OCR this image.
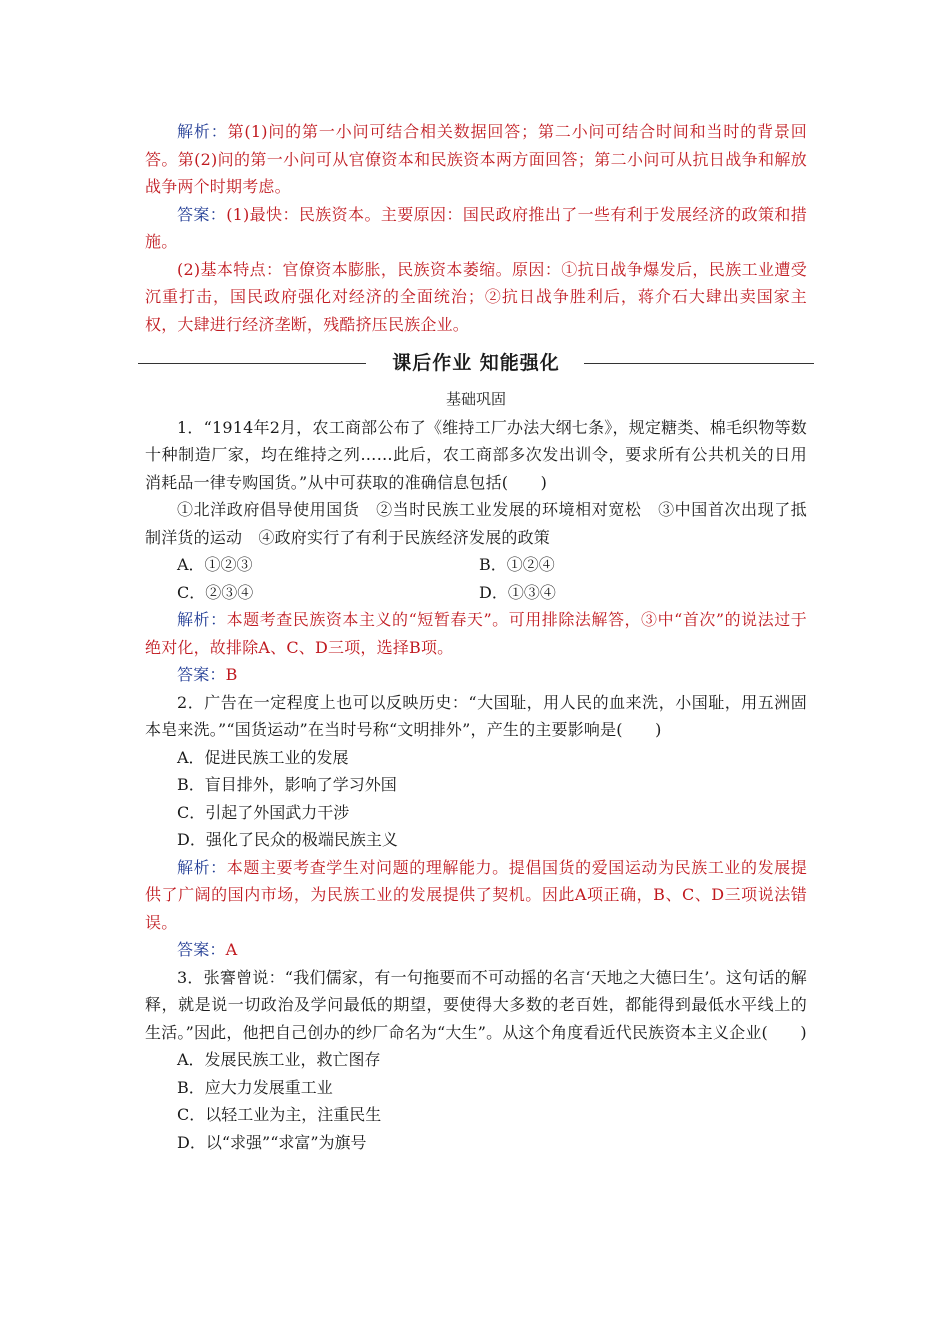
解析：第(1)问的第一小问可结合相关数据回答；第二小问可结合时间和当时的背景回答。第(2)问的第一小问可从官僚资本和民族资本两方面回答；第二小问可从抗日战争和解放战争两个时期考虑。

答案：(1)最快：民族资本。主要原因：国民政府推出了一些有利于发展经济的政策和措施。

(2)基本特点：官僚资本膨胀，民族资本萎缩。原因：①抗日战争爆发后，民族工业遭受沉重打击，国民政府强化对经济的全面统治；②抗日战争胜利后，蒋介石大肆出卖国家主权，大肆进行经济垄断，残酷挤压民族企业。

课后作业 知能强化

基础巩固

1．“1914年2月，农工商部公布了《维持工厂办法大纲七条》，规定糖类、棉毛织物等数十种制造厂家，均在维持之列……此后，农工商部多次发出训令，要求所有公共机关的日用消耗品一律专购国货。”从中可获取的准确信息包括(　　)

①北洋政府倡导使用国货　②当时民族工业发展的环境相对宽松　③中国首次出现了抵制洋货的运动　④政府实行了有利于民族经济发展的政策

A．①②③	B．①②④
C．②③④	D．①③④

解析：本题考查民族资本主义的“短暂春天”。可用排除法解答，③中“首次”的说法过于绝对化，故排除A、C、D三项，选择B项。

答案：B

2．广告在一定程度上也可以反映历史：“大国耻，用人民的血来洗，小国耻，用五洲固本皂来洗。”“国货运动”在当时号称“文明排外”，产生的主要影响是(　　)

A．促进民族工业的发展

B．盲目排外，影响了学习外国

C．引起了外国武力干涉

D．强化了民众的极端民族主义

解析：本题主要考查学生对问题的理解能力。提倡国货的爱国运动为民族工业的发展提供了广阔的国内市场，为民族工业的发展提供了契机。因此A项正确，B、C、D三项说法错误。

答案：A

3．张謇曾说：“我们儒家，有一句拖要而不可动摇的名言‘天地之大德曰生’。这句话的解释，就是说一切政治及学问最低的期望，要使得大多数的老百姓，都能得到最低水平线上的生活。”因此，他把自己创办的纱厂命名为“大生”。从这个角度看近代民族资本主义企业(　　)

A．发展民族工业，救亡图存

B．应大力发展重工业

C．以轻工业为主，注重民生

D．以“求强”“求富”为旗号
